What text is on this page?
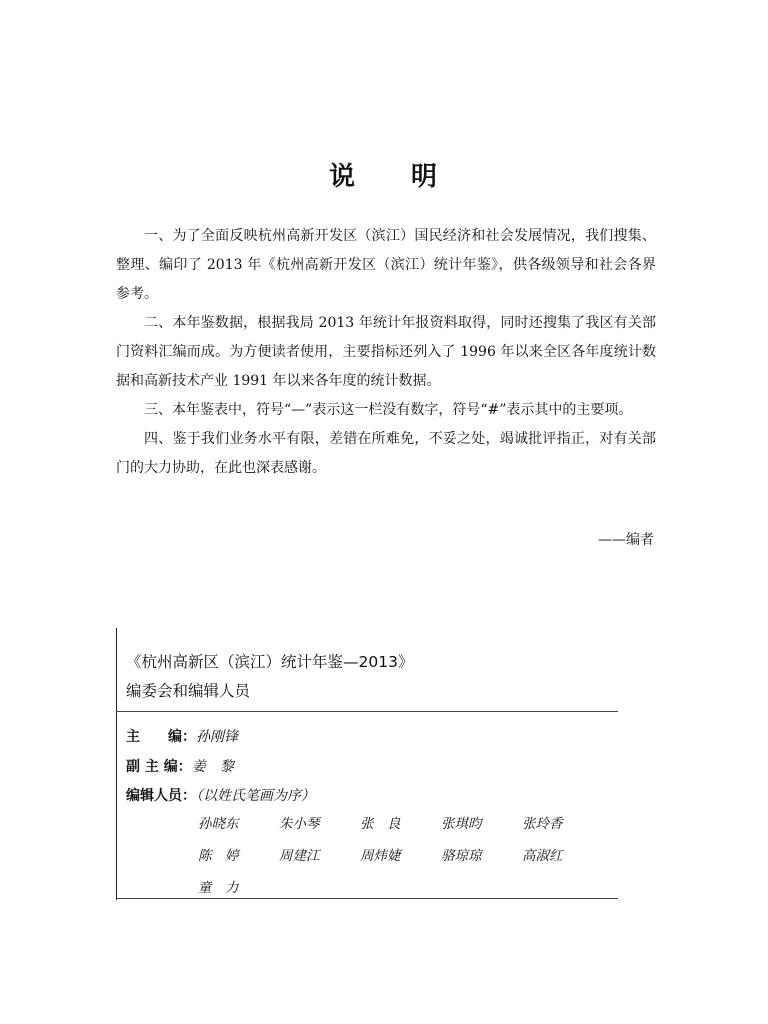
说 明

一、为了全面反映杭州高新开发区（滨江）国民经济和社会发展情况，我们搜集、整理、编印了 2013 年《杭州高新开发区（滨江）统计年鉴》，供各级领导和社会各界参考。

二、本年鉴数据，根据我局 2013 年统计年报资料取得，同时还搜集了我区有关部门资料汇编而成。为方便读者使用，主要指标还列入了 1996 年以来全区各年度统计数据和高新技术产业 1991 年以来各年度的统计数据。

三、本年鉴表中，符号“—”表示这一栏没有数字，符号“#”表示其中的主要项。

四、鉴于我们业务水平有限，差错在所难免，不妥之处，竭诚批评指正，对有关部门的大力协助，在此也深表感谢。

——编者
《杭州高新区（滨江）统计年鉴—2013》
编委会和编辑人员
主　　编：孙刚锋
副 主 编：姜　黎
编辑人员：（以姓氏笔画为序）
孙晓东	朱小琴	张　良	张琪昀	张玲香
陈　婷	周建江	周炜婕	骆琼琼	高淑红
童　力
